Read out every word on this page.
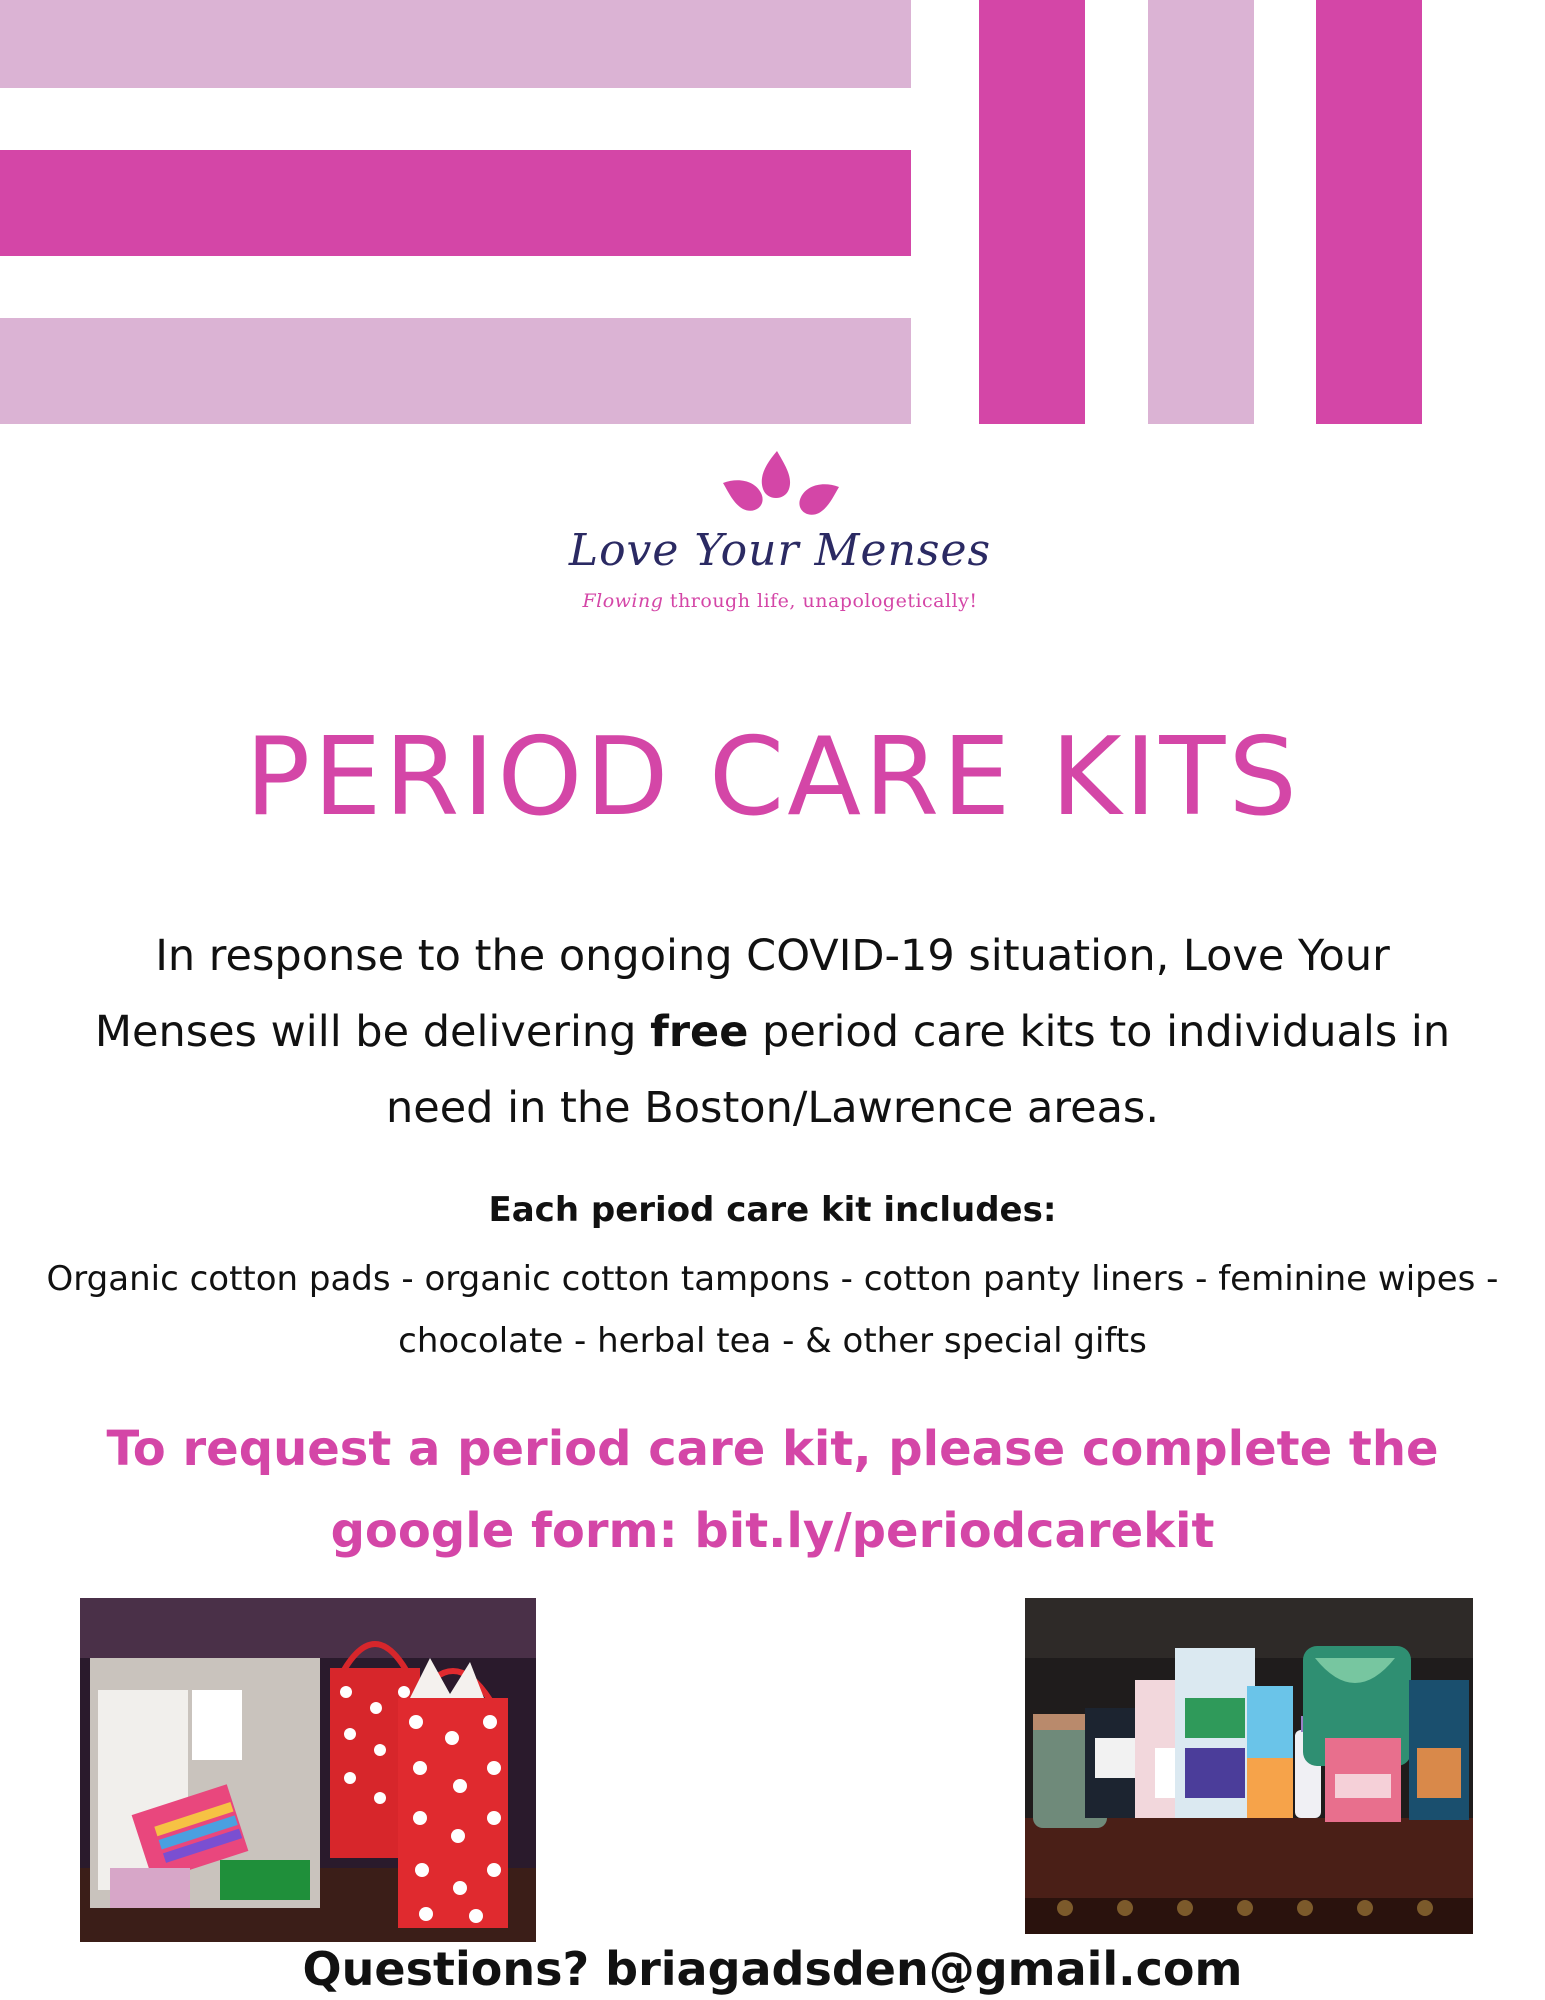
Love Your Menses
Flowing through life, unapologetically!
PERIOD CARE KITS
In response to the ongoing COVID-19 situation, Love Your Menses will be delivering free period care kits to individuals in need in the Boston/Lawrence areas.
Each period care kit includes:
Organic cotton pads - organic cotton tampons - cotton panty liners - feminine wipes - chocolate - herbal tea - & other special gifts
To request a period care kit, please complete the google form: bit.ly/periodcarekit
Questions? briagadsden@gmail.com
